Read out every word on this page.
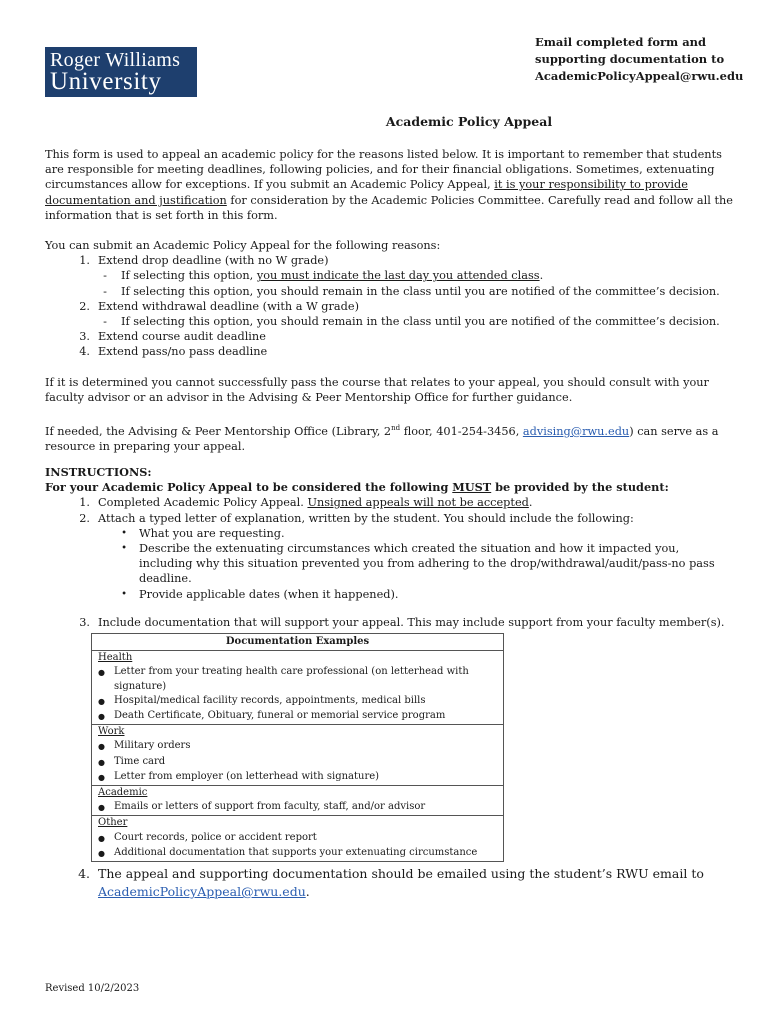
Roger Williams
University
Email completed form and
supporting documentation to
AcademicPolicyAppeal@rwu.edu
Academic Policy Appeal
This form is used to appeal an academic policy for the reasons listed below. It is important to remember that students are responsible for meeting deadlines, following policies, and for their financial obligations. Sometimes, extenuating circumstances allow for exceptions. If you submit an Academic Policy Appeal, it is your responsibility to provide documentation and justification for consideration by the Academic Policies Committee. Carefully read and follow all the information that is set forth in this form.
You can submit an Academic Policy Appeal for the following reasons:
1. Extend drop deadline (with no W grade)
-	If selecting this option, you must indicate the last day you attended class.
-	If selecting this option, you should remain in the class until you are notified of the committee’s decision.
2. Extend withdrawal deadline (with a W grade)
-	If selecting this option, you should remain in the class until you are notified of the committee’s decision.
3. Extend course audit deadline
4. Extend pass/no pass deadline
If it is determined you cannot successfully pass the course that relates to your appeal, you should consult with your faculty advisor or an advisor in the Advising & Peer Mentorship Office for further guidance.
If needed, the Advising & Peer Mentorship Office (Library, 2nd floor, 401-254-3456, advising@rwu.edu) can serve as a resource in preparing your appeal.
INSTRUCTIONS:
For your Academic Policy Appeal to be considered the following MUST be provided by the student:
1. Completed Academic Policy Appeal. Unsigned appeals will not be accepted.
2. Attach a typed letter of explanation, written by the student. You should include the following:
•	What you are requesting.
•	Describe the extenuating circumstances which created the situation and how it impacted you, including why this situation prevented you from adhering to the drop/withdrawal/audit/pass-no pass deadline.
•	Provide applicable dates (when it happened).
3. Include documentation that will support your appeal. This may include support from your faculty member(s).
Documentation Examples
Health
● Letter from your treating health care professional (on letterhead with signature)
● Hospital/medical facility records, appointments, medical bills
● Death Certificate, Obituary, funeral or memorial service program
Work
● Military orders
● Time card
● Letter from employer (on letterhead with signature)
Academic
● Emails or letters of support from faculty, staff, and/or advisor
Other
● Court records, police or accident report
● Additional documentation that supports your extenuating circumstance
4. The appeal and supporting documentation should be emailed using the student’s RWU email to AcademicPolicyAppeal@rwu.edu.
Revised 10/2/2023
